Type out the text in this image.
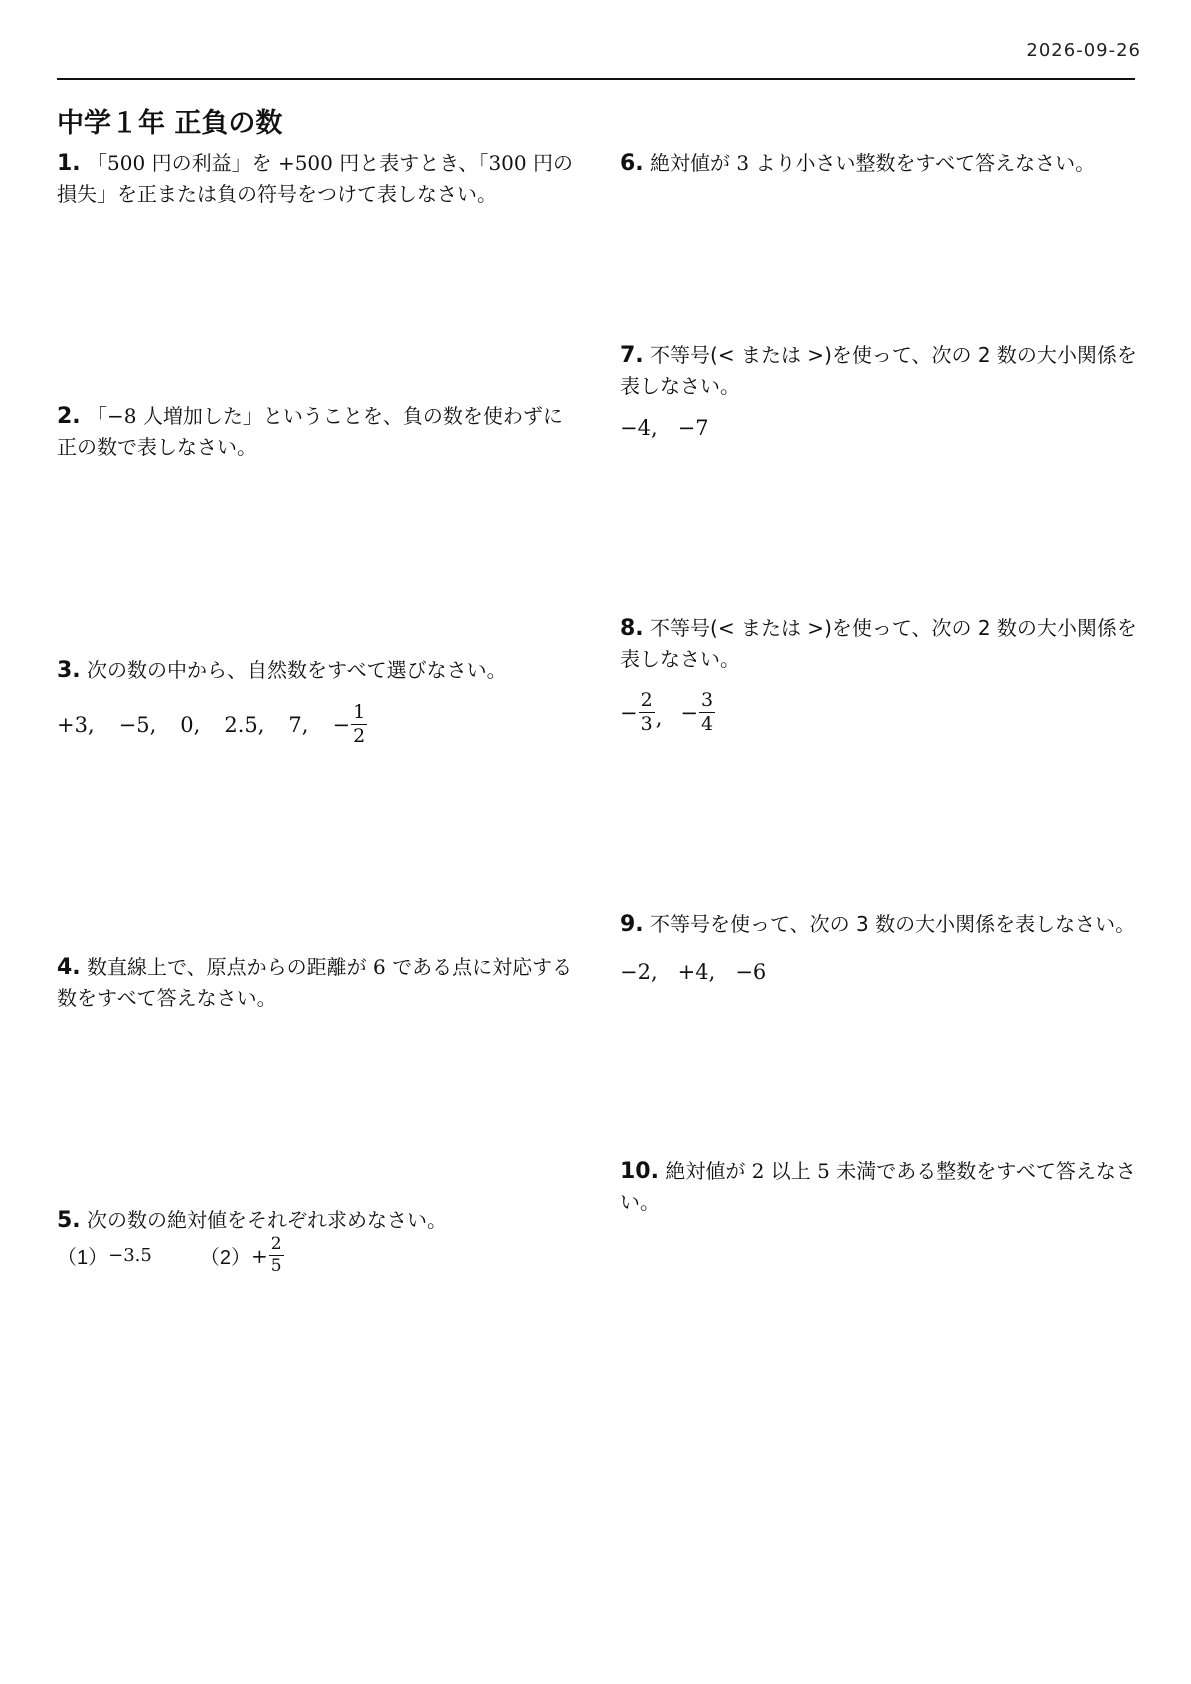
2026-09-26
中学１年 正負の数
1. 「500 円の利益」を +500 円と表すとき、「300 円の損失」を正または負の符号をつけて表しなさい。
2. 「−8 人増加した」ということを、負の数を使わずに正の数で表しなさい。
3. 次の数の中から、自然数をすべて選びなさい。
+3, −5, 0, 2.5, 7, − $\frac{1}{2}$
4. 数直線上で、原点からの距離が 6 である点に対応する数をすべて答えなさい。
5. 次の数の絶対値をそれぞれ求めなさい。
（1） −3.5 $(2) + \frac{2}{5}$
6. 絶対値が 3 より小さい整数をすべて答えなさい。
7. 不等号(< または >)を使って、次の 2 数の大小関係を表しなさい。
−4,   −7
8. 不等号(< または >)を使って、次の 2 数の大小関係を表しなさい。
− $\frac{2}{3}$ , − $\frac{3}{4}$
9. 不等号を使って、次の 3 数の大小関係を表しなさい。
−2,   +4,   −6
10. 絶対値が 2 以上 5 未満である整数をすべて答えなさい。
